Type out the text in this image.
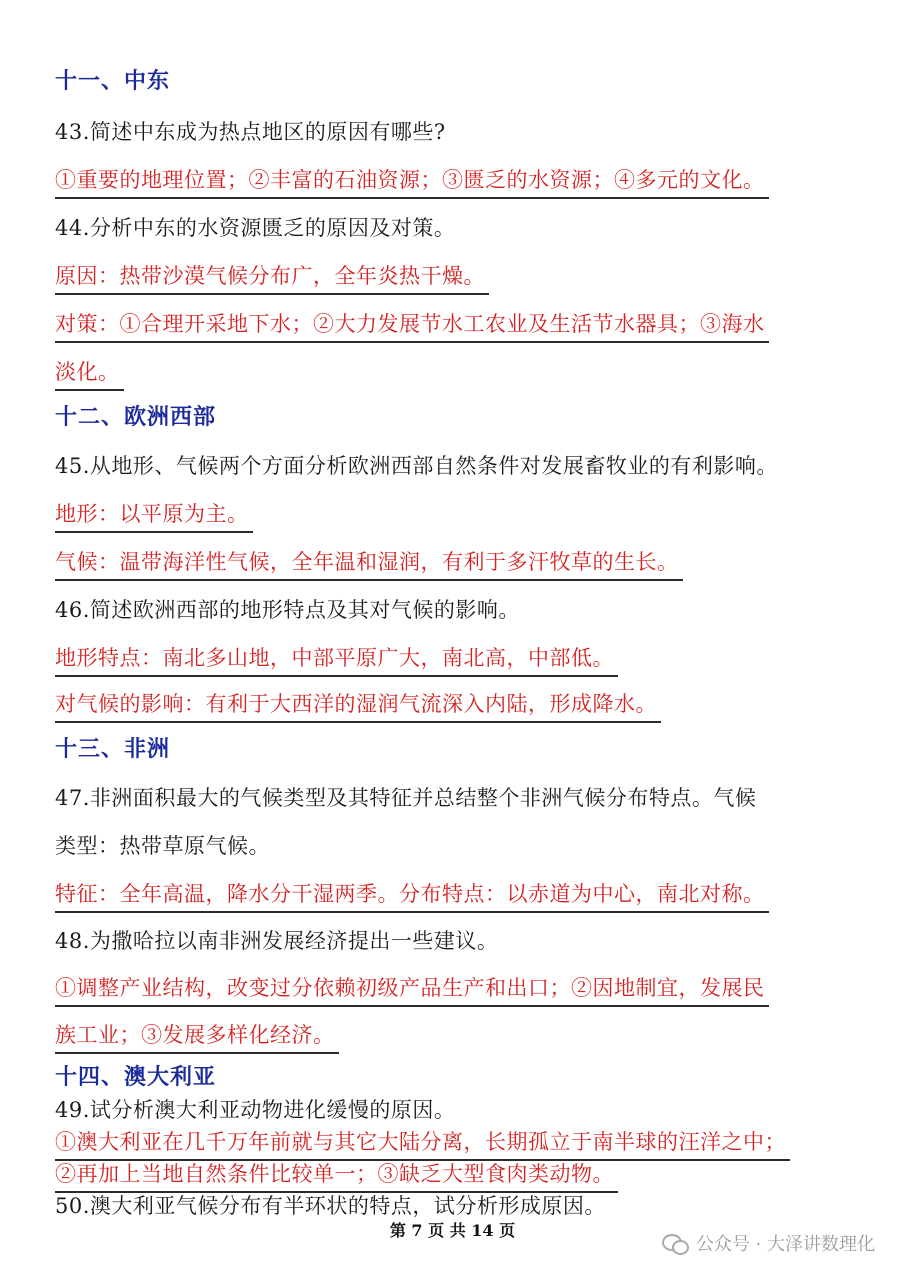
十一、中东
43.简述中东成为热点地区的原因有哪些?
①重要的地理位置；②丰富的石油资源；③匮乏的水资源；④多元的文化。
44.分析中东的水资源匮乏的原因及对策。
原因：热带沙漠气候分布广，全年炎热干燥。
对策：①合理开采地下水；②大力发展节水工农业及生活节水器具；③海水
淡化。
十二、欧洲西部
45.从地形、气候两个方面分析欧洲西部自然条件对发展畜牧业的有利影响。
地形：以平原为主。
气候：温带海洋性气候，全年温和湿润，有利于多汗牧草的生长。
46.简述欧洲西部的地形特点及其对气候的影响。
地形特点：南北多山地，中部平原广大，南北高，中部低。
对气候的影响：有利于大西洋的湿润气流深入内陆，形成降水。
十三、非洲
47.非洲面积最大的气候类型及其特征并总结整个非洲气候分布特点。气候
类型：热带草原气候。
特征：全年高温，降水分干湿两季。分布特点：以赤道为中心，南北对称。
48.为撒哈拉以南非洲发展经济提出一些建议。
①调整产业结构，改变过分依赖初级产品生产和出口；②因地制宜，发展民
族工业；③发展多样化经济。
十四、澳大利亚
49.试分析澳大利亚动物进化缓慢的原因。
①澳大利亚在几千万年前就与其它大陆分离，长期孤立于南半球的汪洋之中；
②再加上当地自然条件比较单一；③缺乏大型食肉类动物。
50.澳大利亚气候分布有半环状的特点，试分析形成原因。
第 7 页 共 14 页
公众号 · 大泽讲数理化
